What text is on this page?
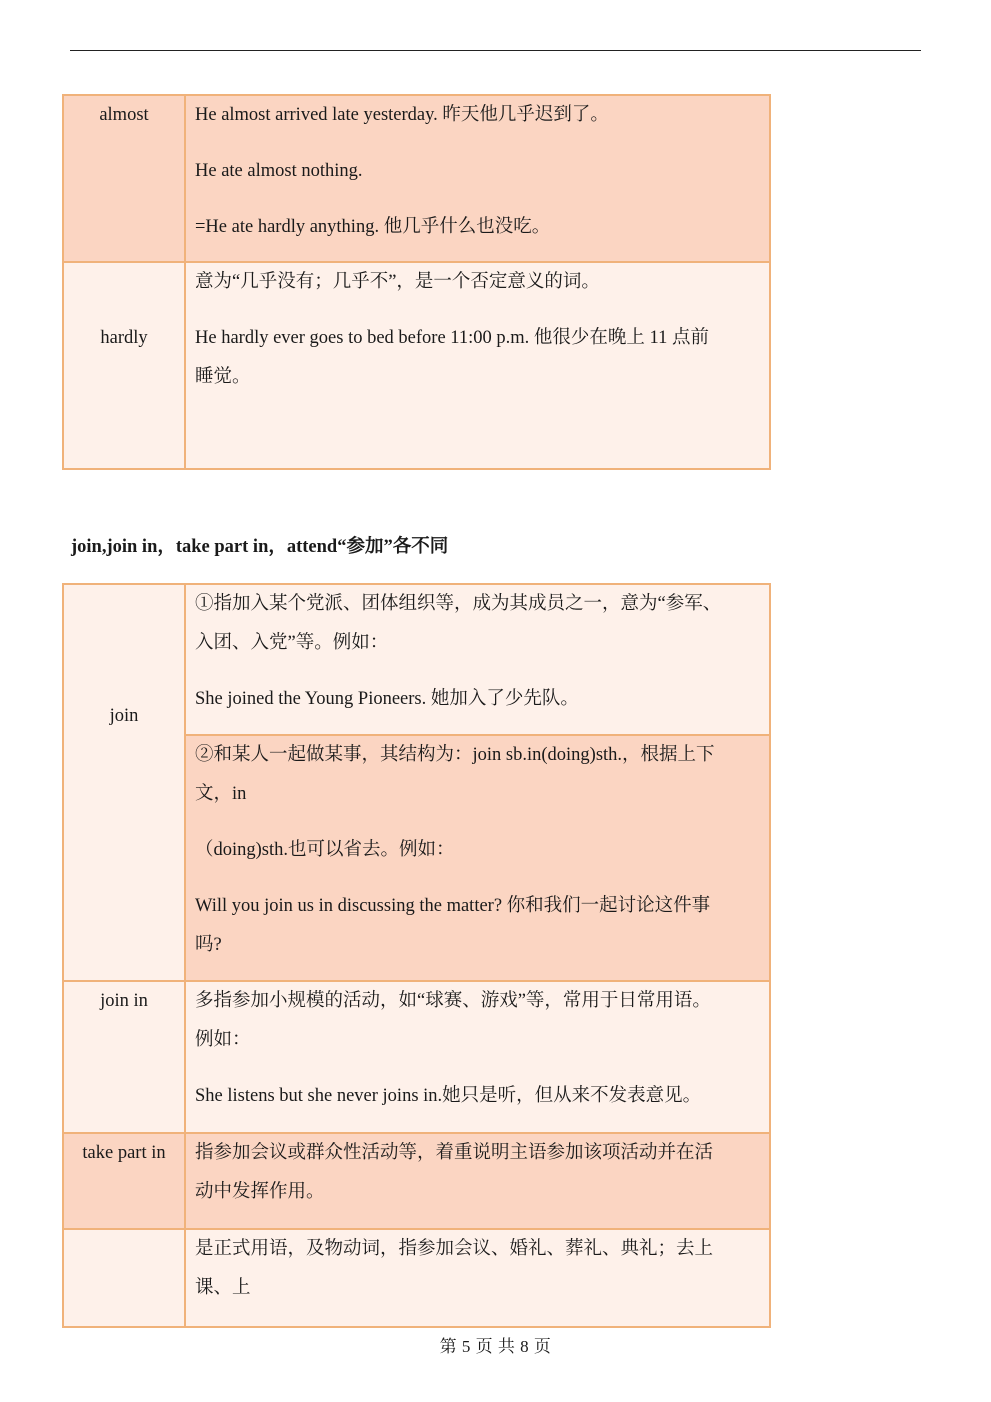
almost	He almost arrived late yesterday. 昨天他几乎迟到了。

He ate almost nothing.

=He ate hardly anything. 他几乎什么也没吃。

hardly	意为“几乎没有；几乎不”，是一个否定意义的词。

He hardly ever goes to bed before 11:00 p.m. 他很少在晚上 11 点前

睡觉。

join,join in，take part in，attend“参加”各不同

join	①指加入某个党派、团体组织等，成为其成员之一，意为“参军、

入团、入党”等。例如：

She joined the Young Pioneers. 她加入了少先队。

	②和某人一起做某事，其结构为：join sb.in(doing)sth.，根据上下

文，in

（doing)sth.也可以省去。例如：

Will you join us in discussing the matter? 你和我们一起讨论这件事

吗?

join in	多指参加小规模的活动，如“球赛、游戏”等，常用于日常用语。

例如：

She listens but she never joins in.她只是听，但从来不发表意见。

take part in	指参加会议或群众性活动等，着重说明主语参加该项活动并在活

动中发挥作用。

	是正式用语，及物动词，指参加会议、婚礼、葬礼、典礼；去上

课、上

第 5 页 共 8 页
